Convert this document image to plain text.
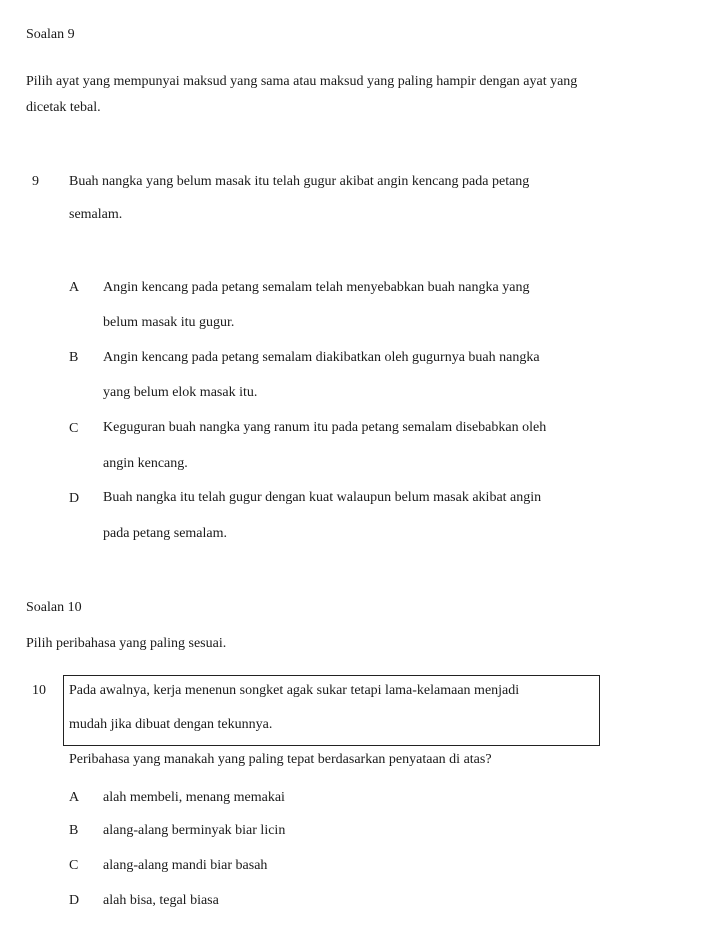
Soalan 9
Pilih ayat yang mempunyai maksud yang sama atau maksud yang paling hampir dengan ayat yang
dicetak tebal.
9 Buah nangka yang belum masak itu telah gugur akibat angin kencang pada petang
semalam.
A Angin kencang pada petang semalam telah menyebabkan buah nangka yang
belum masak itu gugur.
B Angin kencang pada petang semalam diakibatkan oleh gugurnya buah nangka
yang belum elok masak itu.
C Keguguran buah nangka yang ranum itu pada petang semalam disebabkan oleh
angin kencang.
D Buah nangka itu telah gugur dengan kuat walaupun belum masak akibat angin
pada petang semalam.
Soalan 10
Pilih peribahasa yang paling sesuai.
10 Pada awalnya, kerja menenun songket agak sukar tetapi lama-kelamaan menjadi
mudah jika dibuat dengan tekunnya.
Peribahasa yang manakah yang paling tepat berdasarkan penyataan di atas?
A alah membeli, menang memakai
B alang-alang berminyak biar licin
C alang-alang mandi biar basah
D alah bisa, tegal biasa
